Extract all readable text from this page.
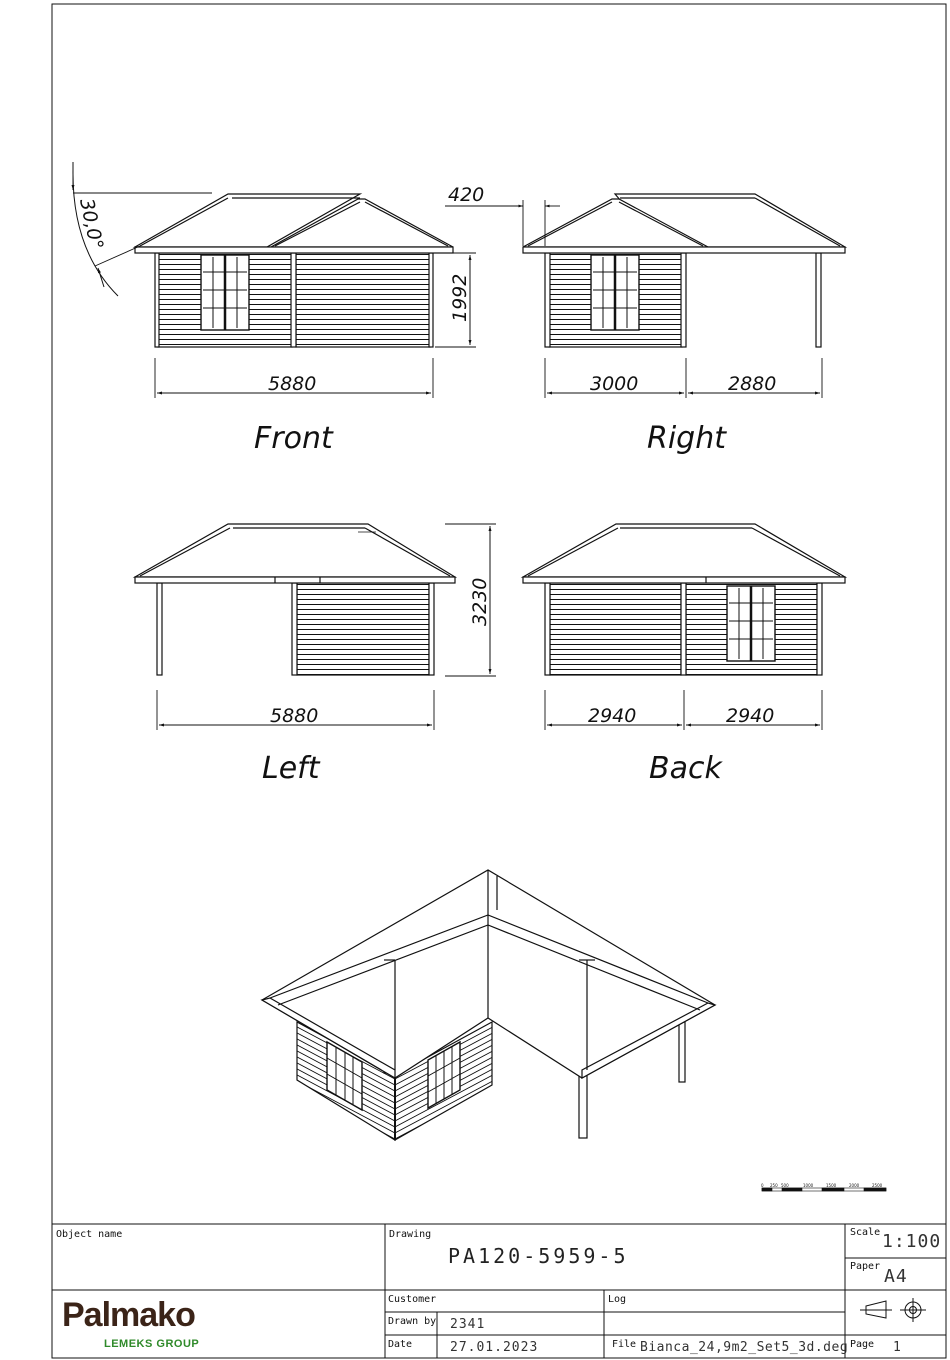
30,0°
5880
1992
Front
420
3000	2880
Right
5880
3230
Left
2940	2940
Back
0 250 500	1000	1500	2000	2500
Object name	Drawing
PA120-5959-5
Scale 1:100
Paper A4
Customer	Log
Drawn by 2341
Date	27.01.2023	File Bianca_24,9m2_Set5_3d.deg Page 1
Palmako
LEMEKS GROUP
